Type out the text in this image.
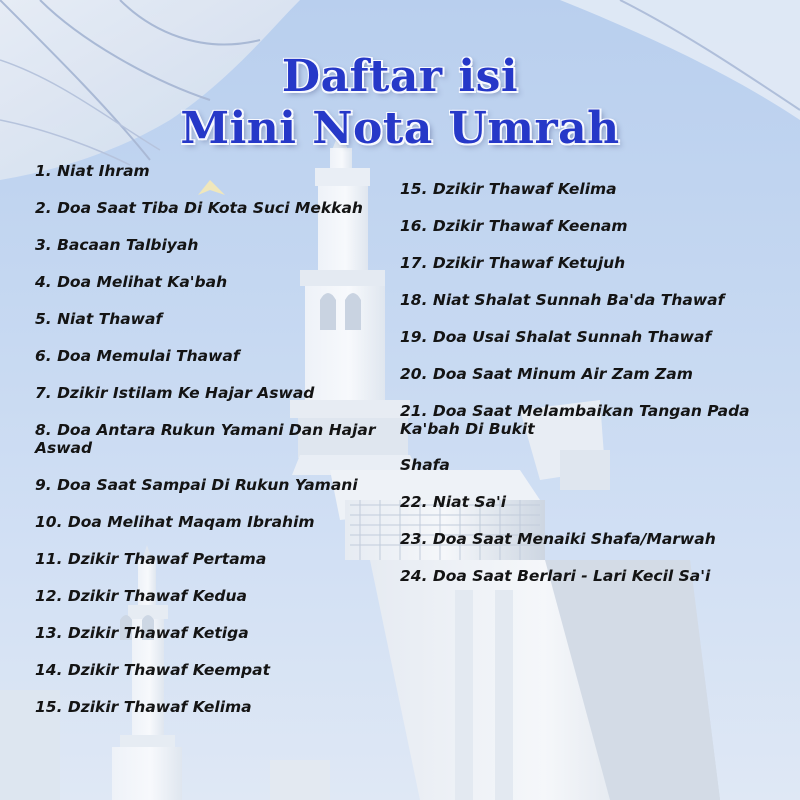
Daftar isi
Mini Nota Umrah
1. Niat Ihram
2. Doa Saat Tiba Di Kota Suci Mekkah
3. Bacaan Talbiyah
4. Doa Melihat Ka'bah
5. Niat Thawaf
6. Doa Memulai Thawaf
7. Dzikir Istilam Ke Hajar Aswad
8. Doa Antara Rukun Yamani Dan Hajar Aswad
9. Doa Saat Sampai Di Rukun Yamani
10. Doa Melihat Maqam Ibrahim
11. Dzikir Thawaf Pertama
12. Dzikir Thawaf Kedua
13. Dzikir Thawaf Ketiga
14. Dzikir Thawaf Keempat
15. Dzikir Thawaf Kelima
15. Dzikir Thawaf Kelima
16. Dzikir Thawaf Keenam
17. Dzikir Thawaf Ketujuh
18. Niat Shalat Sunnah Ba'da Thawaf
19. Doa Usai Shalat Sunnah Thawaf
20. Doa Saat Minum Air Zam Zam
21. Doa Saat Melambaikan Tangan Pada Ka'bah Di Bukit
Shafa
22. Niat Sa'i
23. Doa Saat Menaiki Shafa/Marwah
24. Doa Saat Berlari - Lari Kecil Sa'i
